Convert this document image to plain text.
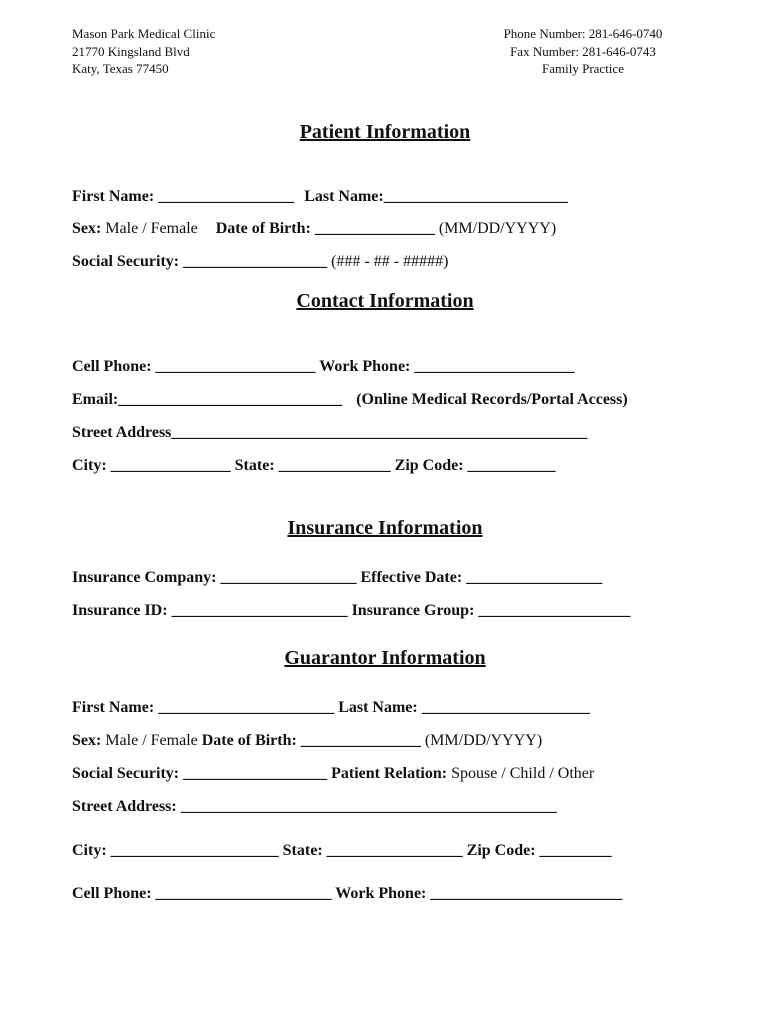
Mason Park Medical Clinic
21770 Kingsland Blvd
Katy, Texas 77450
Phone Number: 281-646-0740
Fax Number: 281-646-0743
Family Practice
Patient Information
First Name: _________________ Last Name:_______________________
Sex: Male / Female Date of Birth: _______________ (MM/DD/YYYY)
Social Security: __________________ (### - ## - #####)
Contact Information
Cell Phone: ____________________ Work Phone: ____________________
Email:____________________________ (Online Medical Records/Portal Access)
Street Address____________________________________________________
City: _______________ State: ______________ Zip Code: ___________
Insurance Information
Insurance Company: _________________ Effective Date: _________________
Insurance ID: ______________________ Insurance Group: ___________________
Guarantor Information
First Name: ______________________ Last Name: _____________________
Sex: Male / Female Date of Birth: _______________ (MM/DD/YYYY)
Social Security: __________________ Patient Relation: Spouse / Child / Other
Street Address: _______________________________________________
City: _____________________ State: _________________ Zip Code: _________
Cell Phone: ______________________ Work Phone: ________________________
